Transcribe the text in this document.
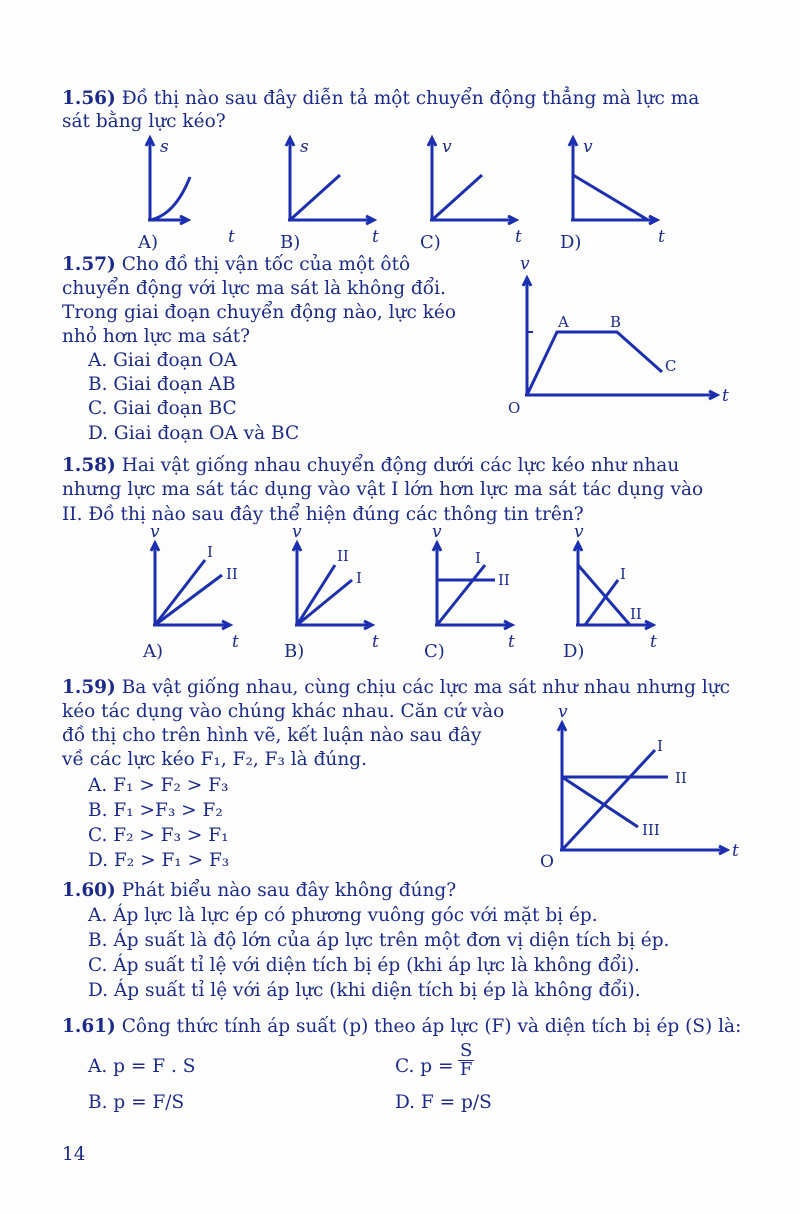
1.56) Đồ thị nào sau đây diễn tả một chuyển động thẳng mà lực ma
sát bằng lực kéo?
s
t
s
t
v
t
v
t
A)	B)	C)	D)
1.57) Cho đồ thị vận tốc của một ôtô
chuyển động với lực ma sát là không đổi.
Trong giai đoạn chuyển động nào, lực kéo
nhỏ hơn lực ma sát?
A. Giai đoạn OA
B. Giai đoạn AB
C. Giai đoạn BC
D. Giai đoạn OA và BC
v
t
O
A	B
C
1.58) Hai vật giống nhau chuyển động dưới các lực kéo như nhau
nhưng lực ma sát tác dụng vào vật I lớn hơn lực ma sát tác dụng vào
II. Đồ thị nào sau đây thể hiện đúng các thông tin trên?
v
t
I
II
v
t
II
I
v
t
I
II
v
t
I
II
A)	B)	C)	D)
1.59) Ba vật giống nhau, cùng chịu các lực ma sát như nhau nhưng lực
kéo tác dụng vào chúng khác nhau. Căn cứ vào
đồ thị cho trên hình vẽ, kết luận nào sau đây
về các lực kéo F₁, F₂, F₃ là đúng.
A. F₁ > F₂ > F₃
B. F₁ >F₃ > F₂
C. F₂ > F₃ > F₁
D. F₂ > F₁ > F₃
v
t
O
I
II
III
1.60) Phát biểu nào sau đây không đúng?
A. Áp lực là lực ép có phương vuông góc với mặt bị ép.
B. Áp suất là độ lớn của áp lực trên một đơn vị diện tích bị ép.
C. Áp suất tỉ lệ với diện tích bị ép (khi áp lực là không đổi).
D. Áp suất tỉ lệ với áp lực (khi diện tích bị ép là không đổi).
1.61) Công thức tính áp suất (p) theo áp lực (F) và diện tích bị ép (S) là:
A. p = F . S
B. p = F/S
C. $p = \frac{S}{F}$
D. F = p/S
14
